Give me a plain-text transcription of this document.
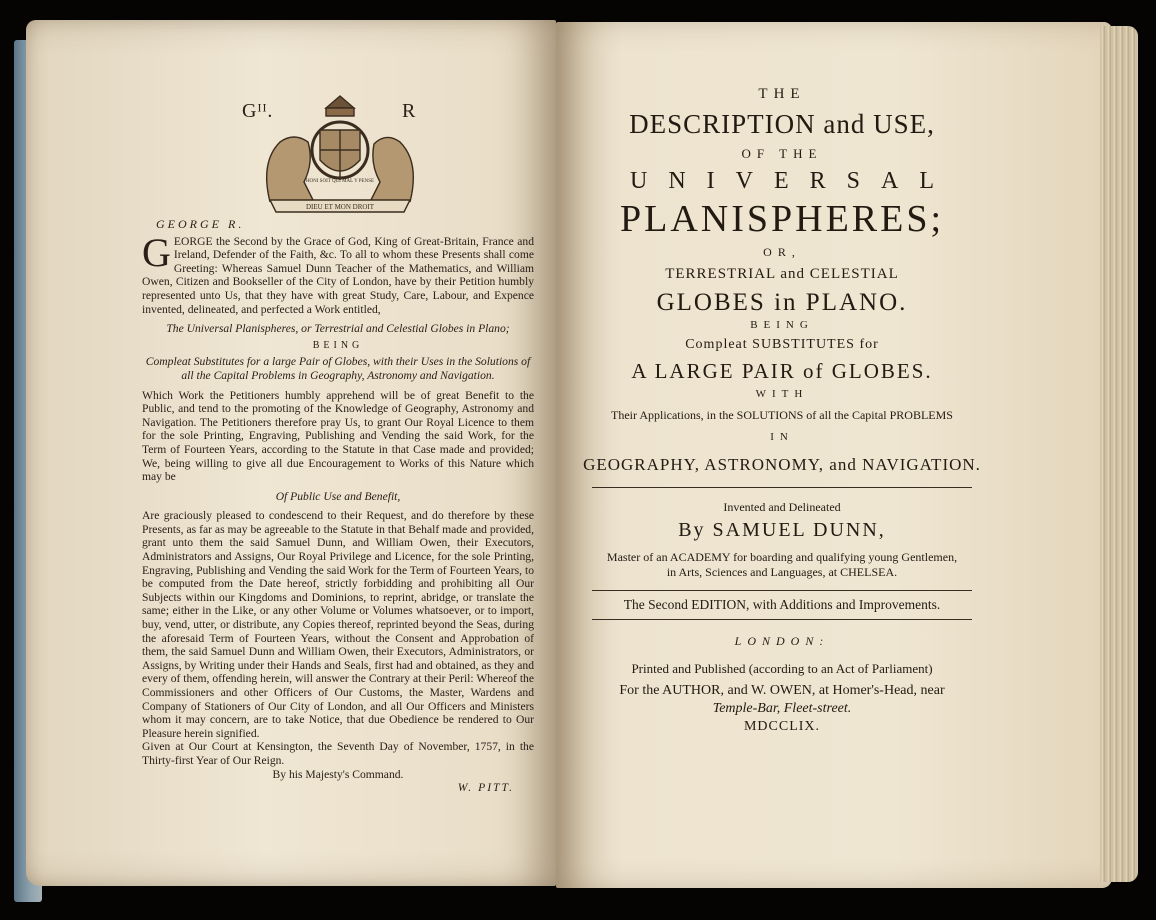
DIEU ET MON DROIT
HONI SOIT QUI MAL Y PENSE
Gᴵᴵ.	R

GEORGE R.

GEORGE the Second by the Grace of God, King of Great-Britain, France and Ireland, Defender of the Faith, &c. To all to whom these Presents shall come Greeting: Whereas Samuel Dunn Teacher of the Mathematics, and William Owen, Citizen and Bookseller of the City of London, have by their Petition humbly represented unto Us, that they have with great Study, Care, Labour, and Expence invented, delineated, and perfected a Work entitled,

The Universal Planispheres, or Terrestrial and Celestial Globes in Plano;

BEING

Compleat Substitutes for a large Pair of Globes, with their Uses in the Solutions of all the Capital Problems in Geography, Astronomy and Navigation.

Which Work the Petitioners humbly apprehend will be of great Benefit to the Public, and tend to the promoting of the Knowledge of Geography, Astronomy and Navigation. The Petitioners therefore pray Us, to grant Our Royal Licence to them for the sole Printing, Engraving, Publishing and Vending the said Work, for the Term of Fourteen Years, according to the Statute in that Case made and provided; We, being willing to give all due Encouragement to Works of this Nature which may be

Of Public Use and Benefit,

Are graciously pleased to condescend to their Request, and do therefore by these Presents, as far as may be agreeable to the Statute in that Behalf made and provided, grant unto them the said Samuel Dunn, and William Owen, their Executors, Administrators and Assigns, Our Royal Privilege and Licence, for the sole Printing, Engraving, Publishing and Vending the said Work for the Term of Fourteen Years, to be computed from the Date hereof, strictly forbidding and prohibiting all Our Subjects within our Kingdoms and Dominions, to reprint, abridge, or translate the same; either in the Like, or any other Volume or Volumes whatsoever, or to import, buy, vend, utter, or distribute, any Copies thereof, reprinted beyond the Seas, during the aforesaid Term of Fourteen Years, without the Consent and Approbation of them, the said Samuel Dunn and William Owen, their Executors, Administrators, or Assigns, by Writing under their Hands and Seals, first had and obtained, as they and every of them, offending herein, will answer the Contrary at their Peril: Whereof the Commissioners and other Officers of Our Customs, the Master, Wardens and Company of Stationers of Our City of London, and all Our Officers and Ministers whom it may concern, are to take Notice, that due Obedience be rendered to Our Pleasure herein signified.

Given at Our Court at Kensington, the Seventh Day of November, 1757, in the Thirty-first Year of Our Reign.

By his Majesty's Command.

W. PITT.

THE
DESCRIPTION and USE,
OF THE
UNIVERSAL
PLANISPHERES;
OR,
TERRESTRIAL and CELESTIAL
GLOBES in PLANO.
BEING
Compleat SUBSTITUTES for
A LARGE PAIR of GLOBES.
WITH
Their Applications, in the SOLUTIONS of all the Capital PROBLEMS
IN
GEOGRAPHY, ASTRONOMY, and NAVIGATION.
Invented and Delineated
By SAMUEL DUNN,
Master of an ACADEMY for boarding and qualifying young Gentlemen,
in Arts, Sciences and Languages, at CHELSEA.
The Second EDITION, with Additions and Improvements.
LONDON:
Printed and Published (according to an Act of Parliament)
For the AUTHOR, and W. OWEN, at Homer's-Head, near
Temple-Bar, Fleet-street.
MDCCLIX.
